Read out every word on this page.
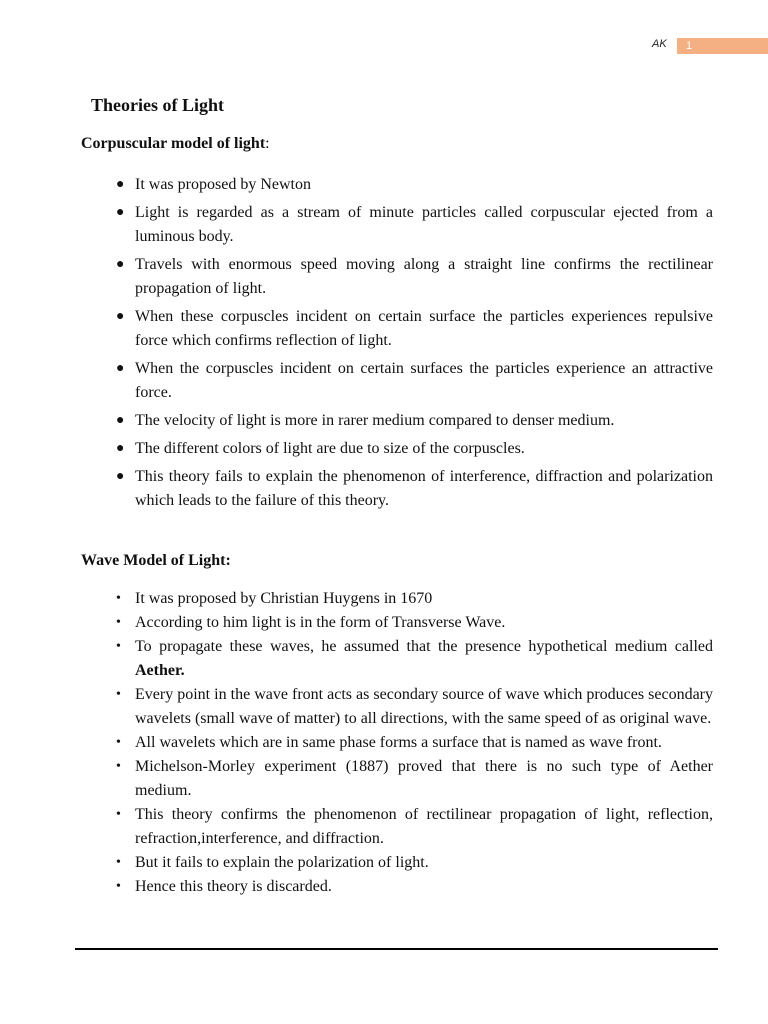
AK	1
Theories of Light

Corpuscular model of light:

● It was proposed by Newton
● Light is regarded as a stream of minute particles called corpuscular ejected from a luminous body.
● Travels with enormous speed moving along a straight line confirms the rectilinear propagation of light.
● When these corpuscles incident on certain surface the particles experiences repulsive force which confirms reflection of light.
● When the corpuscles incident on certain surfaces the particles experience an attractive force.
● The velocity of light is more in rarer medium compared to denser medium.
● The different colors of light are due to size of the corpuscles.
● This theory fails to explain the phenomenon of interference, diffraction and polarization which leads to the failure of this theory.

Wave Model of Light:

• It was proposed by Christian Huygens in 1670
• According to him light is in the form of Transverse Wave.
• To propagate these waves, he assumed that the presence hypothetical medium called Aether.
• Every point in the wave front acts as secondary source of wave which produces secondary wavelets (small wave of matter) to all directions, with the same speed of as original wave.
• All wavelets which are in same phase forms a surface that is named as wave front.
• Michelson-Morley experiment (1887) proved that there is no such type of Aether medium.
• This theory confirms the phenomenon of rectilinear propagation of light, reflection, refraction,interference, and diffraction.
• But it fails to explain the polarization of light.
• Hence this theory is discarded.
